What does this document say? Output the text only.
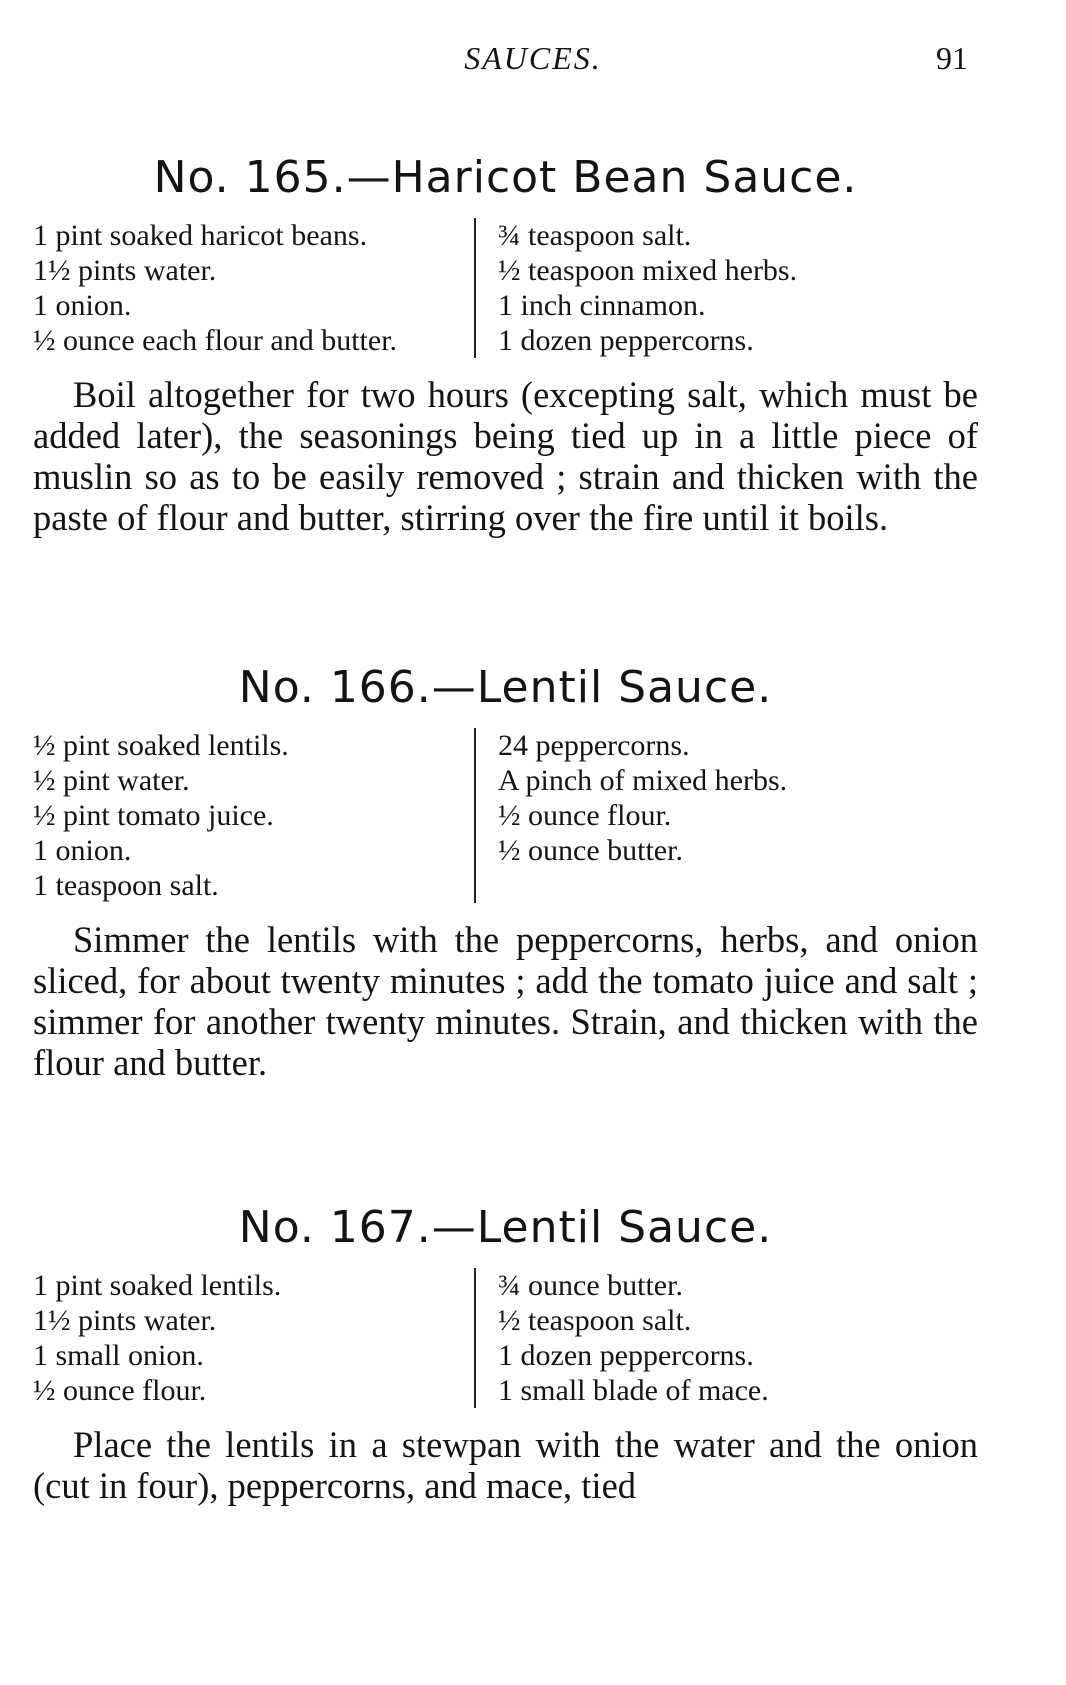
SAUCES.	91
No. 165.—Haricot Bean Sauce.
1 pint soaked haricot beans.
1½ pints water.
1 onion.
½ ounce each flour and butter.
¾ teaspoon salt.
½ teaspoon mixed herbs.
1 inch cinnamon.
1 dozen peppercorns.

Boil altogether for two hours (excepting salt, which must be added later), the seasonings being tied up in a little piece of muslin so as to be easily removed ; strain and thicken with the paste of flour and butter, stirring over the fire until it boils.

No. 166.—Lentil Sauce.
½ pint soaked lentils.
½ pint water.
½ pint tomato juice.
1 onion.
1 teaspoon salt.
24 peppercorns.
A pinch of mixed herbs.
½ ounce flour.
½ ounce butter.

Simmer the lentils with the peppercorns, herbs, and onion sliced, for about twenty minutes ; add the tomato juice and salt ; simmer for another twenty minutes. Strain, and thicken with the flour and butter.

No. 167.—Lentil Sauce.
1 pint soaked lentils.
1½ pints water.
1 small onion.
½ ounce flour.
¾ ounce butter.
½ teaspoon salt.
1 dozen peppercorns.
1 small blade of mace.

Place the lentils in a stewpan with the water and the onion (cut in four), peppercorns, and mace, tied
